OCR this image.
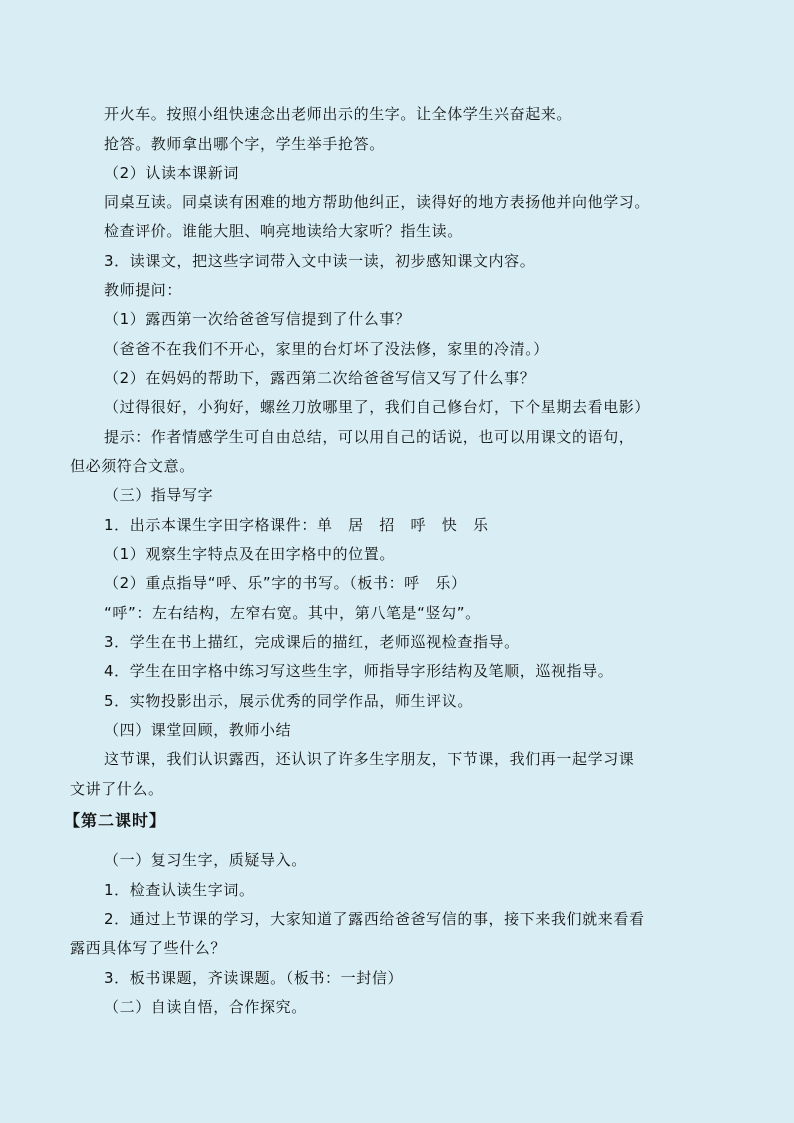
开火车。按照小组快速念出老师出示的生字。让全体学生兴奋起来。
抢答。教师拿出哪个字，学生举手抢答。
（2）认读本课新词
同桌互读。同桌读有困难的地方帮助他纠正，读得好的地方表扬他并向他学习。
检查评价。谁能大胆、响亮地读给大家听？指生读。
3．读课文，把这些字词带入文中读一读，初步感知课文内容。
教师提问：
（1）露西第一次给爸爸写信提到了什么事？
（爸爸不在我们不开心，家里的台灯坏了没法修，家里的冷清。）
（2）在妈妈的帮助下，露西第二次给爸爸写信又写了什么事？
（过得很好，小狗好，螺丝刀放哪里了，我们自己修台灯，下个星期去看电影）
提示：作者情感学生可自由总结，可以用自己的话说，也可以用课文的语句，
但必须符合文意。
（三）指导写字
1．出示本课生字田字格课件：单　居　招　呼　快　乐
（1）观察生字特点及在田字格中的位置。
（2）重点指导“呼、乐”字的书写。（板书：呼　乐）
“呼”：左右结构，左窄右宽。其中，第八笔是“竖勾”。
3．学生在书上描红，完成课后的描红，老师巡视检查指导。
4．学生在田字格中练习写这些生字，师指导字形结构及笔顺，巡视指导。
5．实物投影出示，展示优秀的同学作品，师生评议。
（四）课堂回顾，教师小结
这节课，我们认识露西，还认识了许多生字朋友，下节课，我们再一起学习课
文讲了什么。
【第二课时】
（一）复习生字，质疑导入。
1．检查认读生字词。
2．通过上节课的学习，大家知道了露西给爸爸写信的事，接下来我们就来看看
露西具体写了些什么？
3．板书课题，齐读课题。（板书：一封信）
（二）自读自悟，合作探究。
